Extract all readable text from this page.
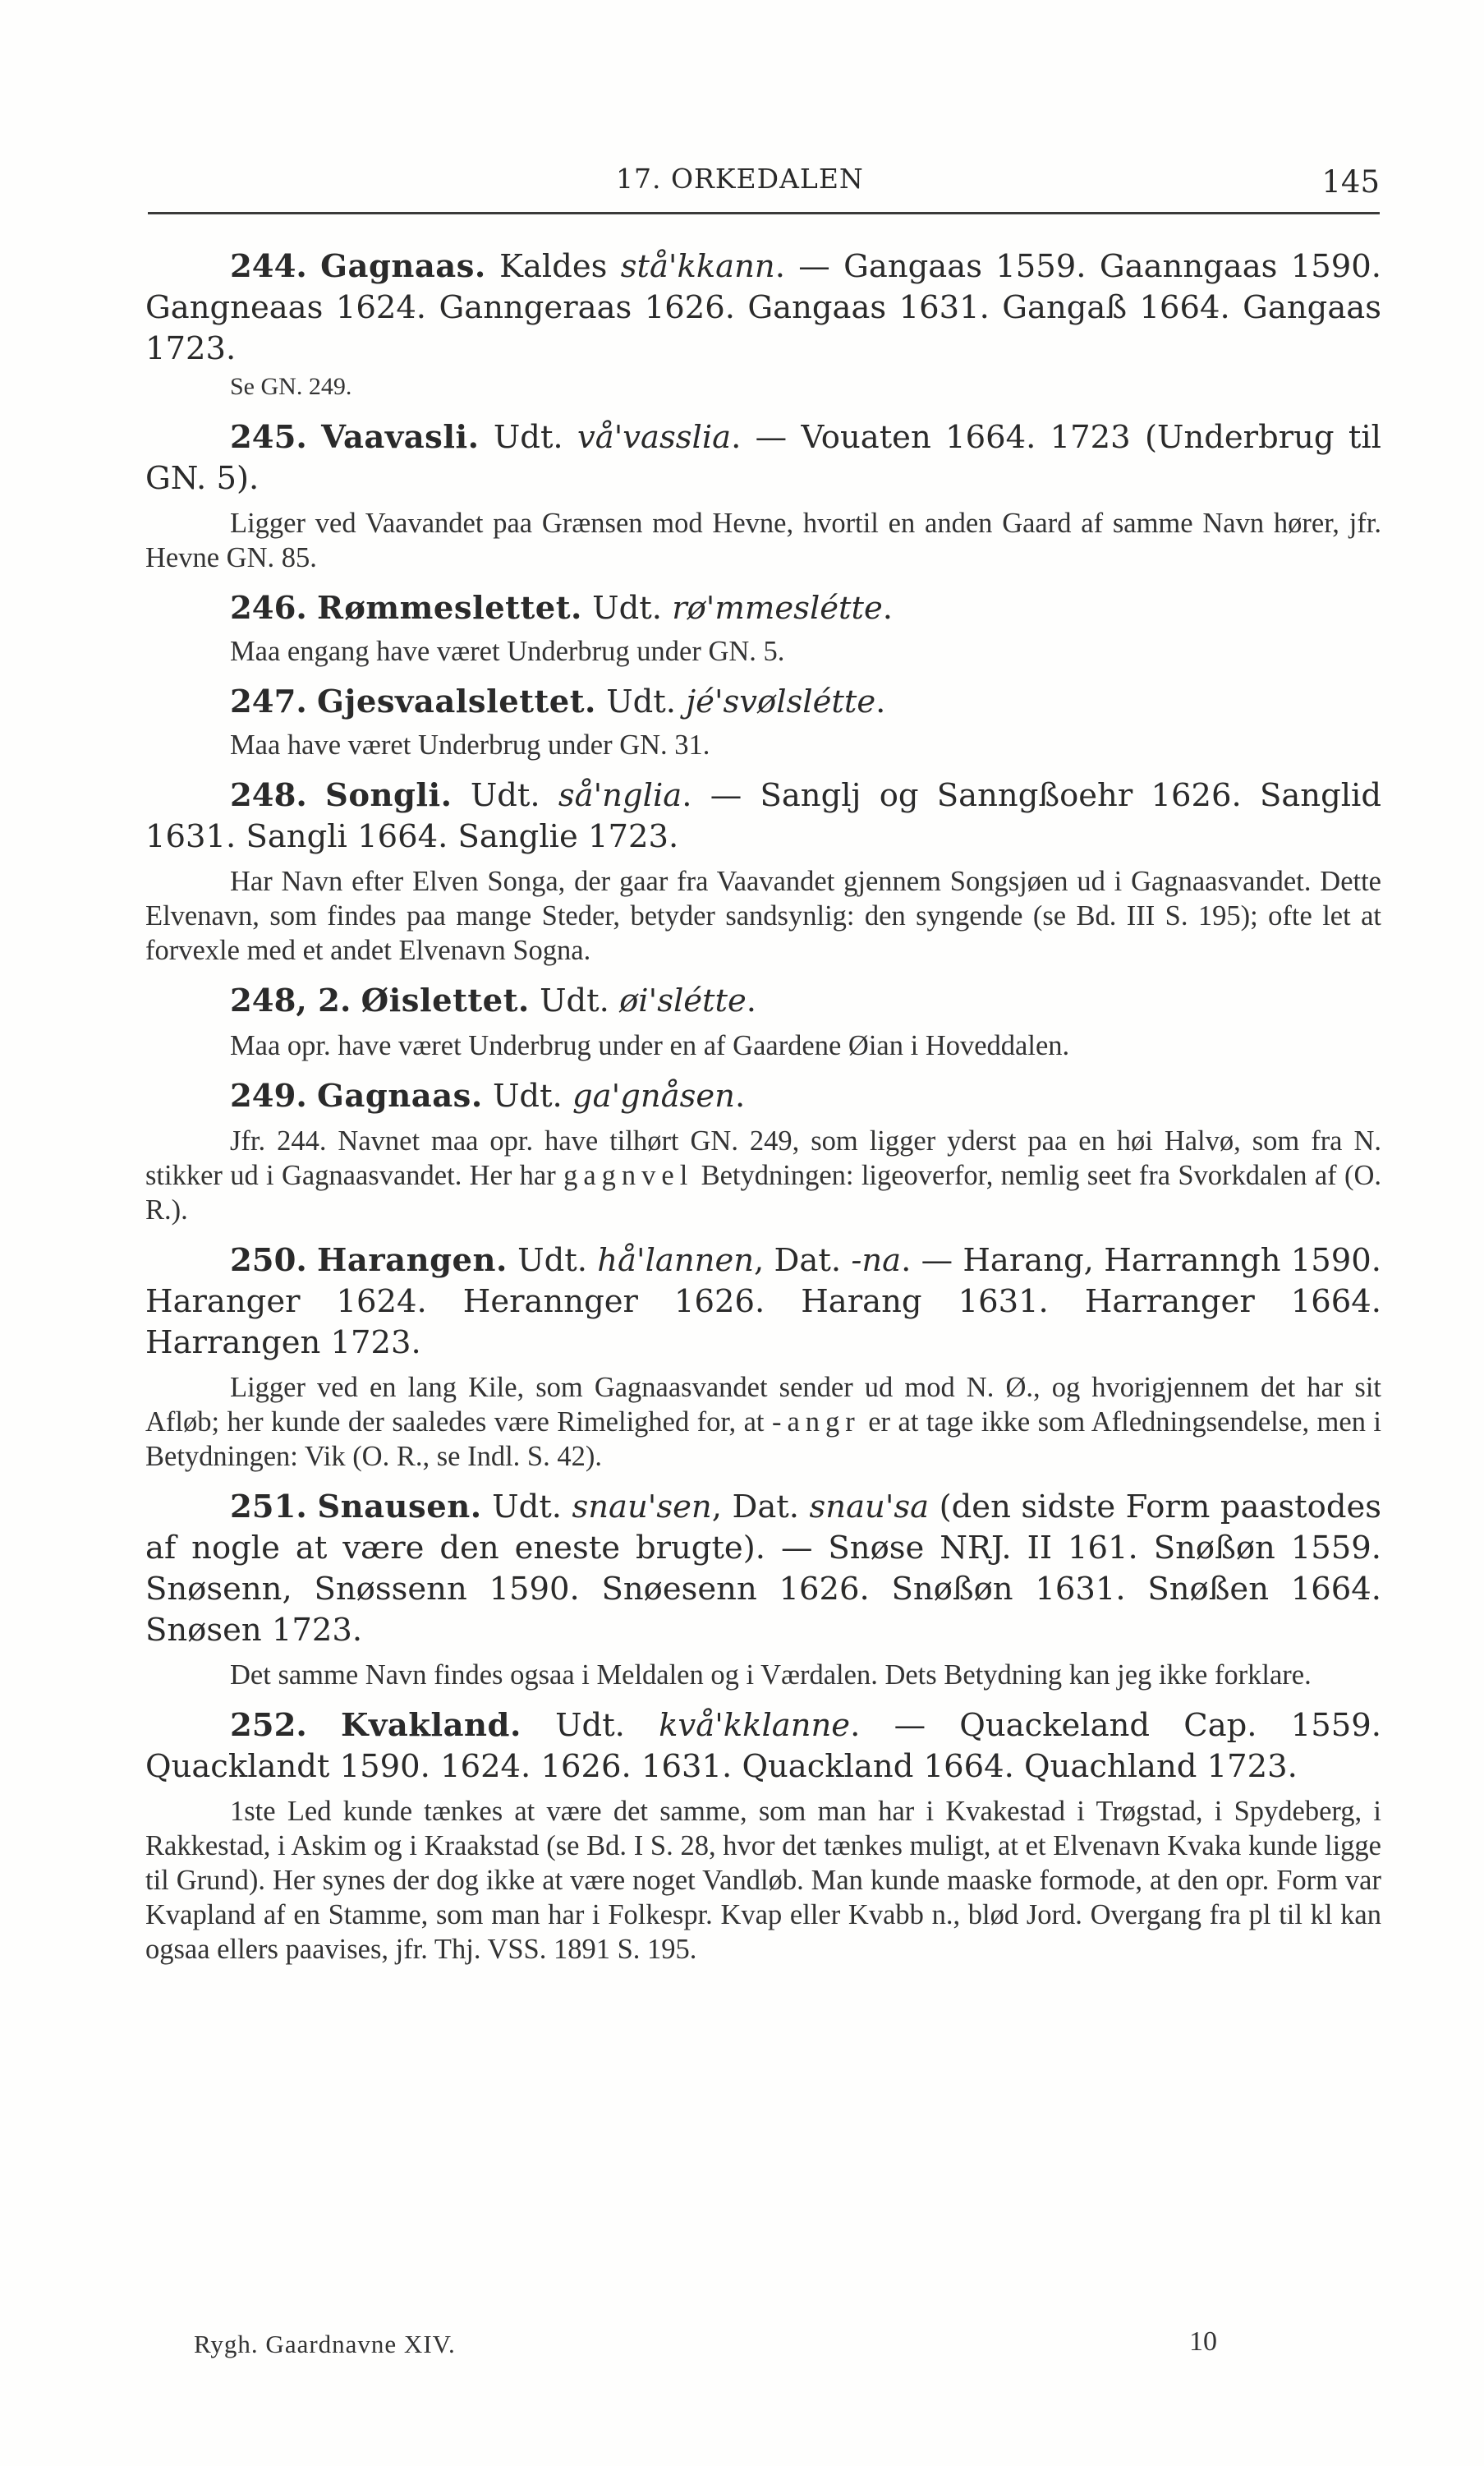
17. ORKEDALEN	145

244. Gagnaas. Kaldes stå'kkann. — Gangaas 1559. Gaanngaas 1590. Gangneaas 1624. Ganngeraas 1626. Gangaas 1631. Gangaß 1664. Gangaas 1723.

Se GN. 249.

245. Vaavasli. Udt. vå'vasslia. — Vouaten 1664. 1723 (Underbrug til GN. 5).

Ligger ved Vaavandet paa Grænsen mod Hevne, hvortil en anden Gaard af samme Navn hører, jfr. Hevne GN. 85.

246. Rømmeslettet. Udt. rø'mmeslétte.

Maa engang have været Underbrug under GN. 5.

247. Gjesvaalslettet. Udt. jé'svølslétte.

Maa have været Underbrug under GN. 31.

248. Songli. Udt. så'nglia. — Sanglj og Sanngßoehr 1626. Sanglid 1631. Sangli 1664. Sanglie 1723.

Har Navn efter Elven Songa, der gaar fra Vaavandet gjennem Songsjøen ud i Gagnaasvandet. Dette Elvenavn, som findes paa mange Steder, betyder sandsynlig: den syngende (se Bd. III S. 195); ofte let at forvexle med et andet Elvenavn Sogna.

248, 2. Øislettet. Udt. øi'slétte.

Maa opr. have været Underbrug under en af Gaardene Øian i Hoveddalen.

249. Gagnaas. Udt. ga'gnåsen.

Jfr. 244. Navnet maa opr. have tilhørt GN. 249, som ligger yderst paa en høi Halvø, som fra N. stikker ud i Gagnaasvandet. Her har gagnvel Betydningen: ligeoverfor, nemlig seet fra Svorkdalen af (O. R.).

250. Harangen. Udt. hå'lannen, Dat. -na. — Harang, Harranngh 1590. Haranger 1624. Herannger 1626. Harang 1631. Harranger 1664. Harrangen 1723.

Ligger ved en lang Kile, som Gagnaasvandet sender ud mod N. Ø., og hvorigjennem det har sit Afløb; her kunde der saaledes være Rimelighed for, at -angr er at tage ikke som Afledningsendelse, men i Betydningen: Vik (O. R., se Indl. S. 42).

251. Snausen. Udt. snau'sen, Dat. snau'sa (den sidste Form paastodes af nogle at være den eneste brugte). — Snøse NRJ. II 161. Snøßøn 1559. Snøsenn, Snøssenn 1590. Snøesenn 1626. Snøßøn 1631. Snøßen 1664. Snøsen 1723.

Det samme Navn findes ogsaa i Meldalen og i Værdalen. Dets Betydning kan jeg ikke forklare.

252. Kvakland. Udt. kvå'kklanne. — Quackeland Cap. 1559. Quacklandt 1590. 1624. 1626. 1631. Quackland 1664. Quachland 1723.

1ste Led kunde tænkes at være det samme, som man har i Kvakestad i Trøgstad, i Spydeberg, i Rakkestad, i Askim og i Kraakstad (se Bd. I S. 28, hvor det tænkes muligt, at et Elvenavn Kvaka kunde ligge til Grund). Her synes der dog ikke at være noget Vandløb. Man kunde maaske formode, at den opr. Form var Kvapland af en Stamme, som man har i Folkespr. Kvap eller Kvabb n., blød Jord. Overgang fra pl til kl kan ogsaa ellers paavises, jfr. Thj. VSS. 1891 S. 195.

Rygh. Gaardnavne XIV.	10
